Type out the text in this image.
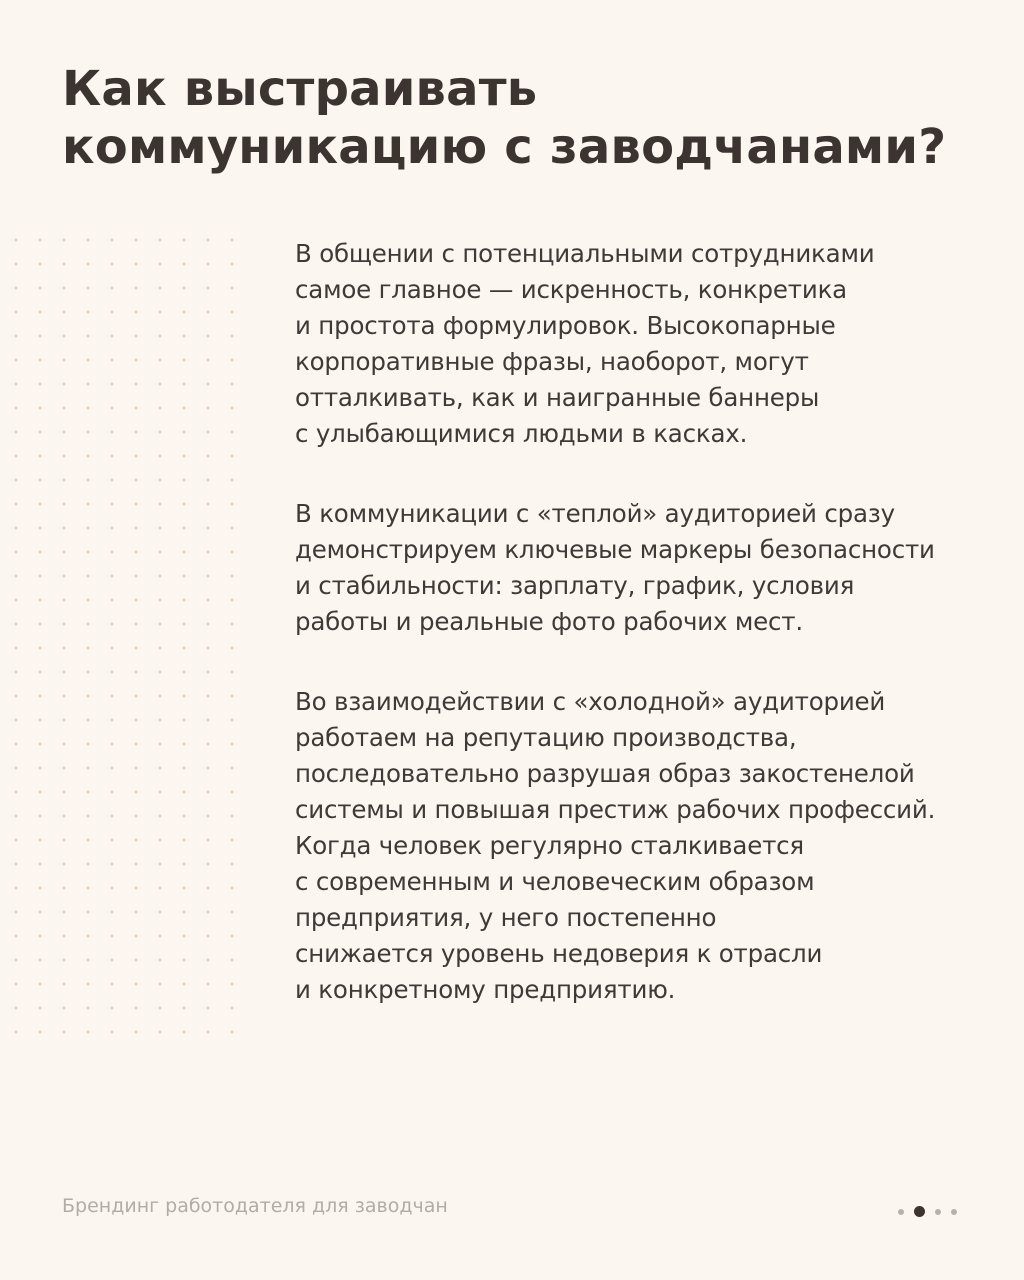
Как выстраивать
коммуникацию с заводчанами?

В общении с потенциальными сотрудниками
самое главное — искренность, конкретика
и простота формулировок. Высокопарные
корпоративные фразы, наоборот, могут
отталкивать, как и наигранные баннеры
с улыбающимися людьми в касках.

В коммуникации с «теплой» аудиторией сразу
демонстрируем ключевые маркеры безопасности
и стабильности: зарплату, график, условия
работы и реальные фото рабочих мест.

Во взаимодействии с «холодной» аудиторией
работаем на репутацию производства,
последовательно разрушая образ закостенелой
системы и повышая престиж рабочих профессий.
Когда человек регулярно сталкивается
с современным и человеческим образом
предприятия, у него постепенно
снижается уровень недоверия к отрасли
и конкретному предприятию.

Брендинг работодателя для заводчан
